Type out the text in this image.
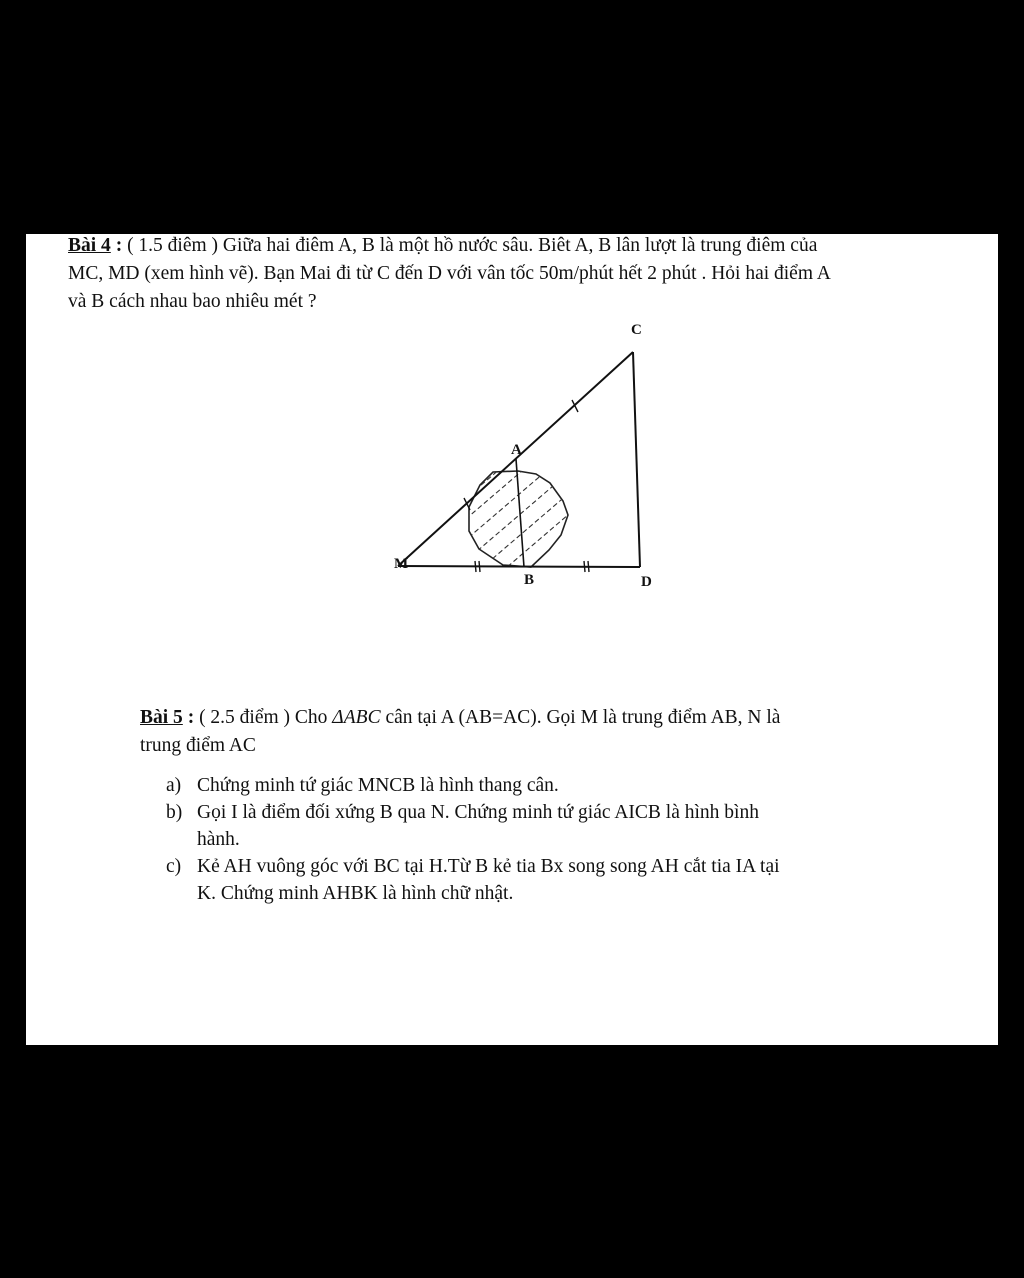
Bài 4 : ( 1.5 điêm ) Giữa hai điêm A, B là một hồ nước sâu. Biêt A, B lân lượt là trung điêm của
MC, MD (xem hình vẽ). Bạn Mai đi từ C đến D với vân tốc 50m/phút hết 2 phút . Hỏi hai điểm A
và B cách nhau bao nhiêu mét ?
C
A
M
B	D
Bài 5 : ( 2.5 điểm ) Cho ΔABC cân tại A (AB=AC). Gọi M là trung điểm AB, N là
trung điểm AC
a) Chứng minh tứ giác MNCB là hình thang cân.
b) Gọi I là điểm đối xứng B qua N. Chứng minh tứ giác AICB là hình bình
hành.
c) Kẻ AH vuông góc với BC tại H.Từ B kẻ tia Bx song song AH cắt tia IA tại
K. Chứng minh AHBK là hình chữ nhật.
